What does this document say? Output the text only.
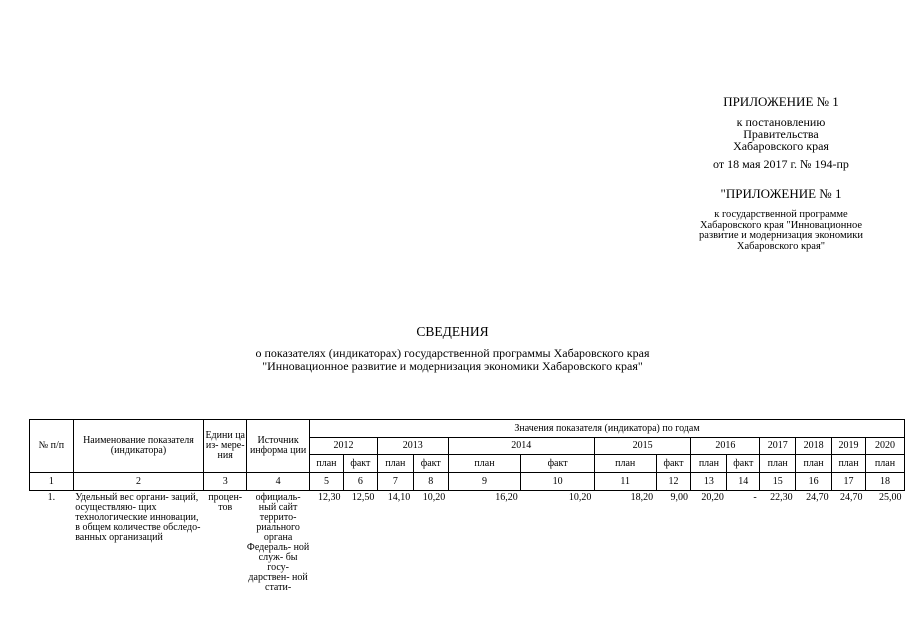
ПРИЛОЖЕНИЕ № 1
к постановлению
Правительства
Хабаровского края
от 18 мая 2017 г. № 194-пр
"ПРИЛОЖЕНИЕ № 1
к государственной программе
Хабаровского края "Инновационное
развитие и модернизация экономики
Хабаровского края"
СВЕДЕНИЯ
о показателях (индикаторах) государственной программы Хабаровского края
"Инновационное развитие и модернизация экономики Хабаровского края"
№ п/п	Наименование показателя (индикатора)	Едини ца из- мере- ния	Источник информа ции	Значения показателя (индикатора) по годам													
				2012		2013		2014		2015		2016		2017	2018	2019	2020
				план	факт	план	факт	план	факт	план	факт	план	факт	план	план	план	план
1	2	3	4	5	6	7	8	9	10	11	12	13	14	15	16	17	18
1.	Удельный вес органи- заций, осуществляю- щих технологические инновации, в общем количестве обследо- ванных организаций	процен- тов	официаль- ный сайт террито- риального органа Федераль- ной служ- бы госу- дарствен- ной стати-	12,30	12,50	14,10	10,20	16,20	10,20	18,20	9,00	20,20	-	22,30	24,70	24,70	25,00
